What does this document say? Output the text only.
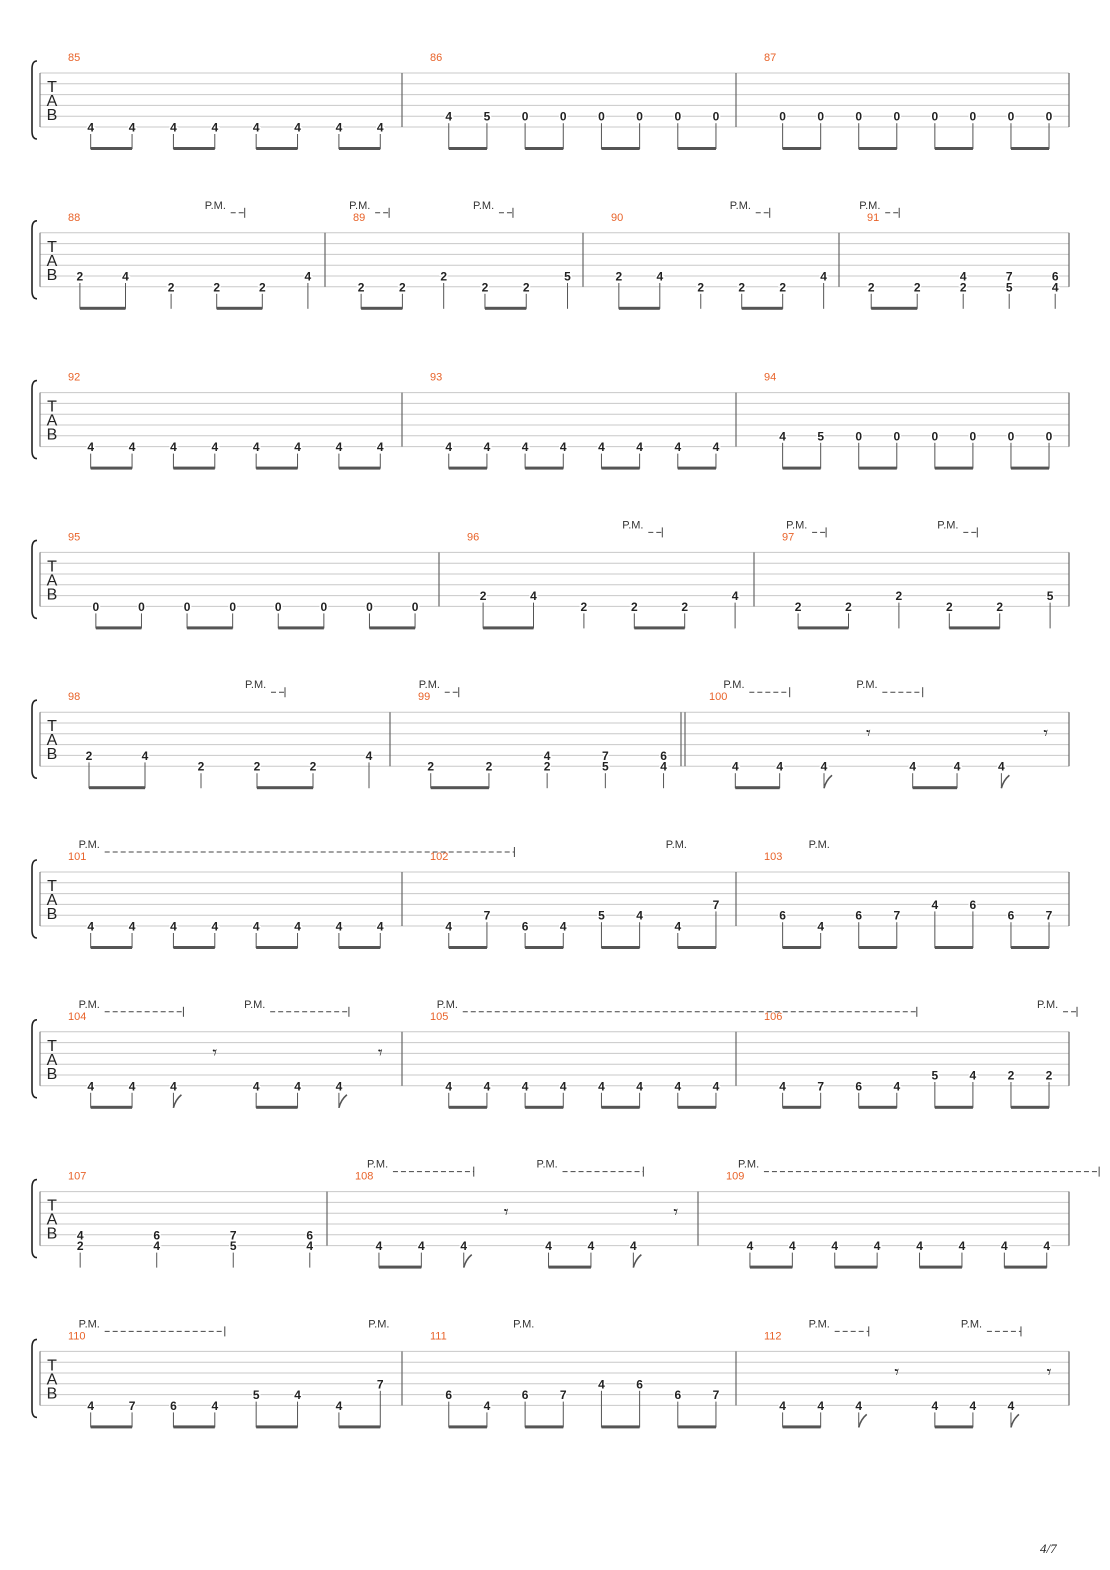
T
A
B
85
4	4	4	4	4	4	4	4
86
4	5	0	0	0	0	0	0
87
0	0	0	0	0	0	0	0
T
A
B
88
2	4
2	2	2
4
89
2	2
2
2	2
5
90
2	4
2	2	2
4
91
2	2
4
2
7
5
6
4
P.M.	P.M.	P.M.	P.M.	P.M.
T
A
B
92
4	4	4	4	4	4	4	4
93
4	4	4	4	4	4	4	4
94
4	5	0	0	0	0	0	0
T
A
B
95
0	0	0	0	0	0	0	0
96
2	4
2	2	2
4
97
2	2
2
2	2
5
P.M.	P.M.	P.M.
T
A
B
98
2	4
2	2	2
4
99
2	2
4
2
7
5
6
4
100
4	4	4
𝄾
4	4	4
𝄾
P.M.	P.M.	P.M.	P.M.
T
A
B
101
4	4	4	4	4	4	4	4
102
4
7
6	4
5	4
4
7
103
6
4
6	7
4	6
6	7
P.M.	P.M.	P.M.
T
A
B
104
4	4	4
𝄾
4	4	4
𝄾
105
4	4	4	4	4	4	4	4
106
4	7	6	4
5	4	2	2
P.M.	P.M.	P.M.	P.M.
T
A
B
107
4
2
6
4
7
5
6
4
108
4	4	4
𝄾
4	4	4
𝄾
109
4	4	4	4	4	4	4	4
P.M.	P.M.	P.M.
T
A
B
110
4	7	6	4
5	4
4
7
111
6
4
6	7
4	6
6	7
112
4	4	4
𝄾
4	4	4
𝄾
P.M.	P.M.	P.M.	P.M.	P.M.
4/7
